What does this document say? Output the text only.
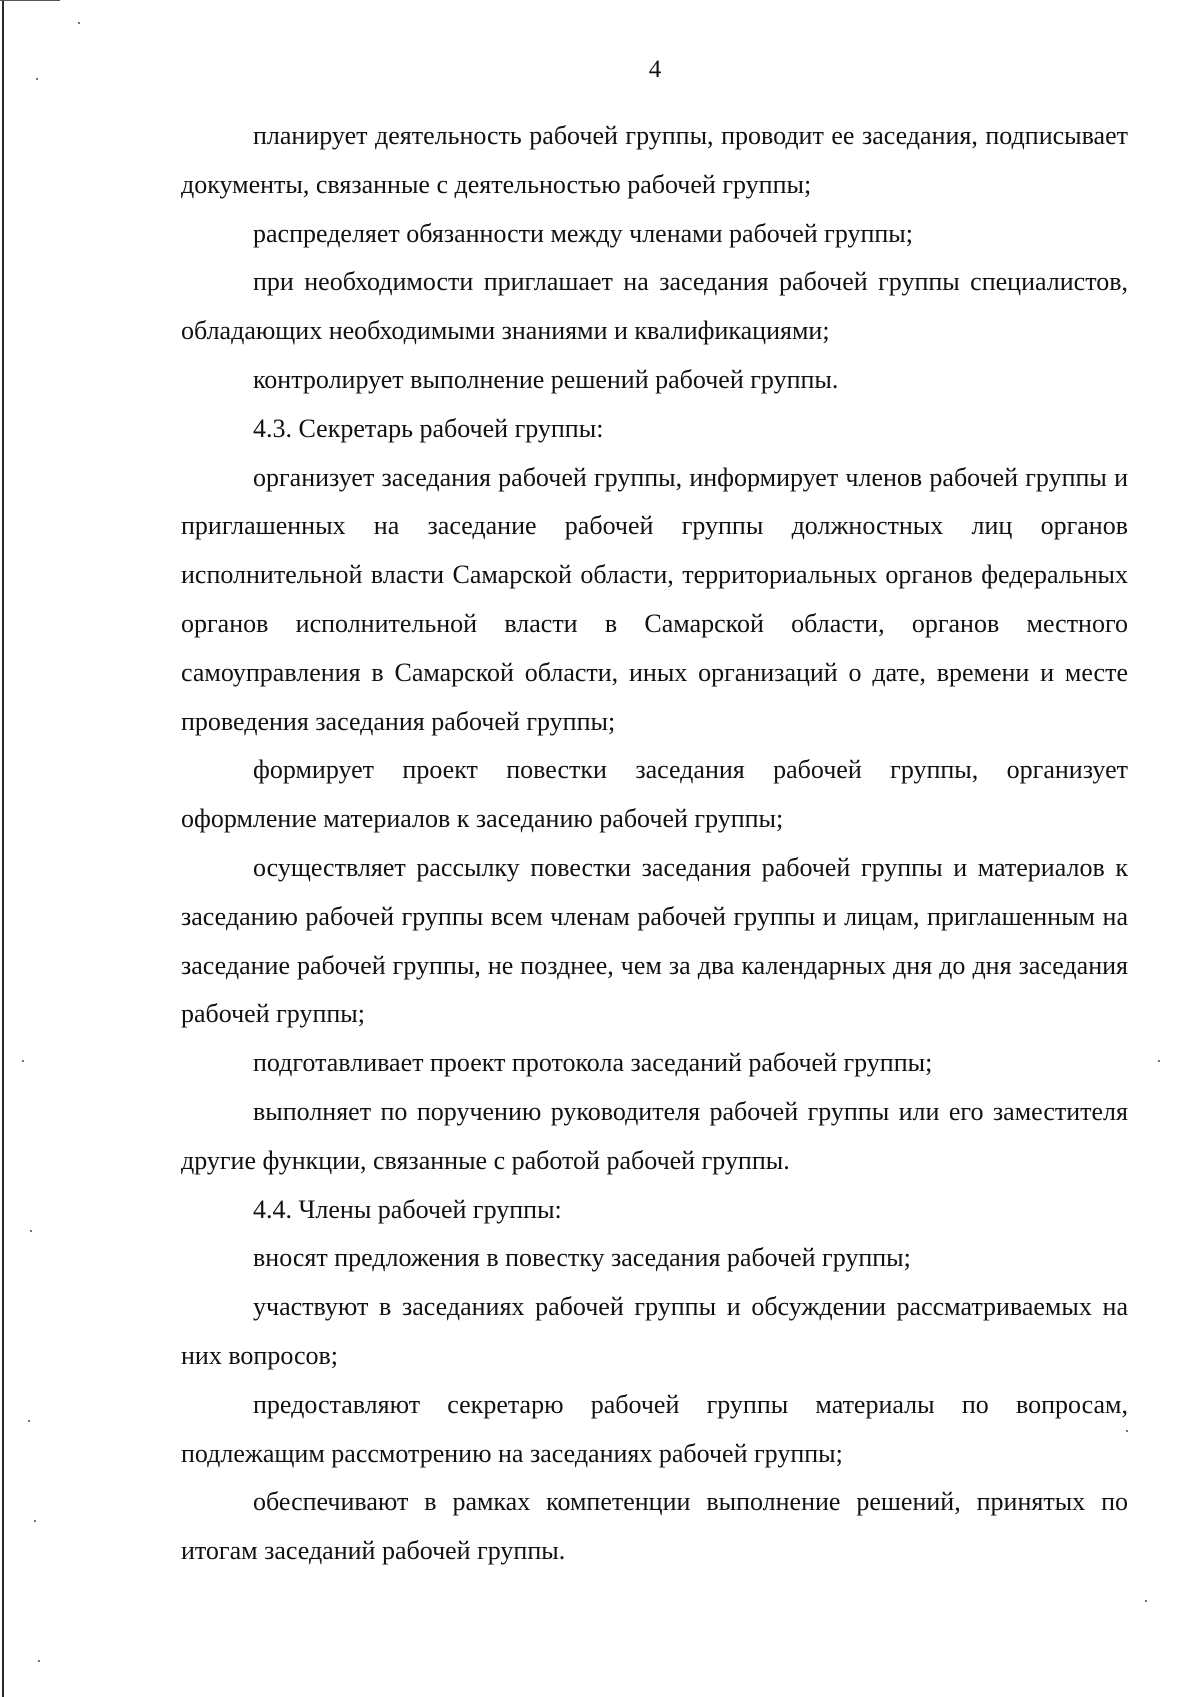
4

планирует деятельность рабочей группы, проводит ее заседания, подписывает документы, связанные с деятельностью рабочей группы;

распределяет обязанности между членами рабочей группы;

при необходимости приглашает на заседания рабочей группы специалистов, обладающих необходимыми знаниями и квалификациями;

контролирует выполнение решений рабочей группы.

4.3. Секретарь рабочей группы:

организует заседания рабочей группы, информирует членов рабочей группы и приглашенных на заседание рабочей группы должностных лиц органов исполнительной власти Самарской области, территориальных органов федеральных органов исполнительной власти в Самарской области, органов местного самоуправления в Самарской области, иных организаций о дате, времени и месте проведения заседания рабочей группы;

формирует проект повестки заседания рабочей группы, организует оформление материалов к заседанию рабочей группы;

осуществляет рассылку повестки заседания рабочей группы и материалов к заседанию рабочей группы всем членам рабочей группы и лицам, приглашенным на заседание рабочей группы, не позднее, чем за два календарных дня до дня заседания рабочей группы;

подготавливает проект протокола заседаний рабочей группы;

выполняет по поручению руководителя рабочей группы или его заместителя другие функции, связанные с работой рабочей группы.

4.4. Члены рабочей группы:

вносят предложения в повестку заседания рабочей группы;

участвуют в заседаниях рабочей группы и обсуждении рассматриваемых на них вопросов;

предоставляют секретарю рабочей группы материалы по вопросам, подлежащим рассмотрению на заседаниях рабочей группы;

обеспечивают в рамках компетенции выполнение решений, принятых по итогам заседаний рабочей группы.
